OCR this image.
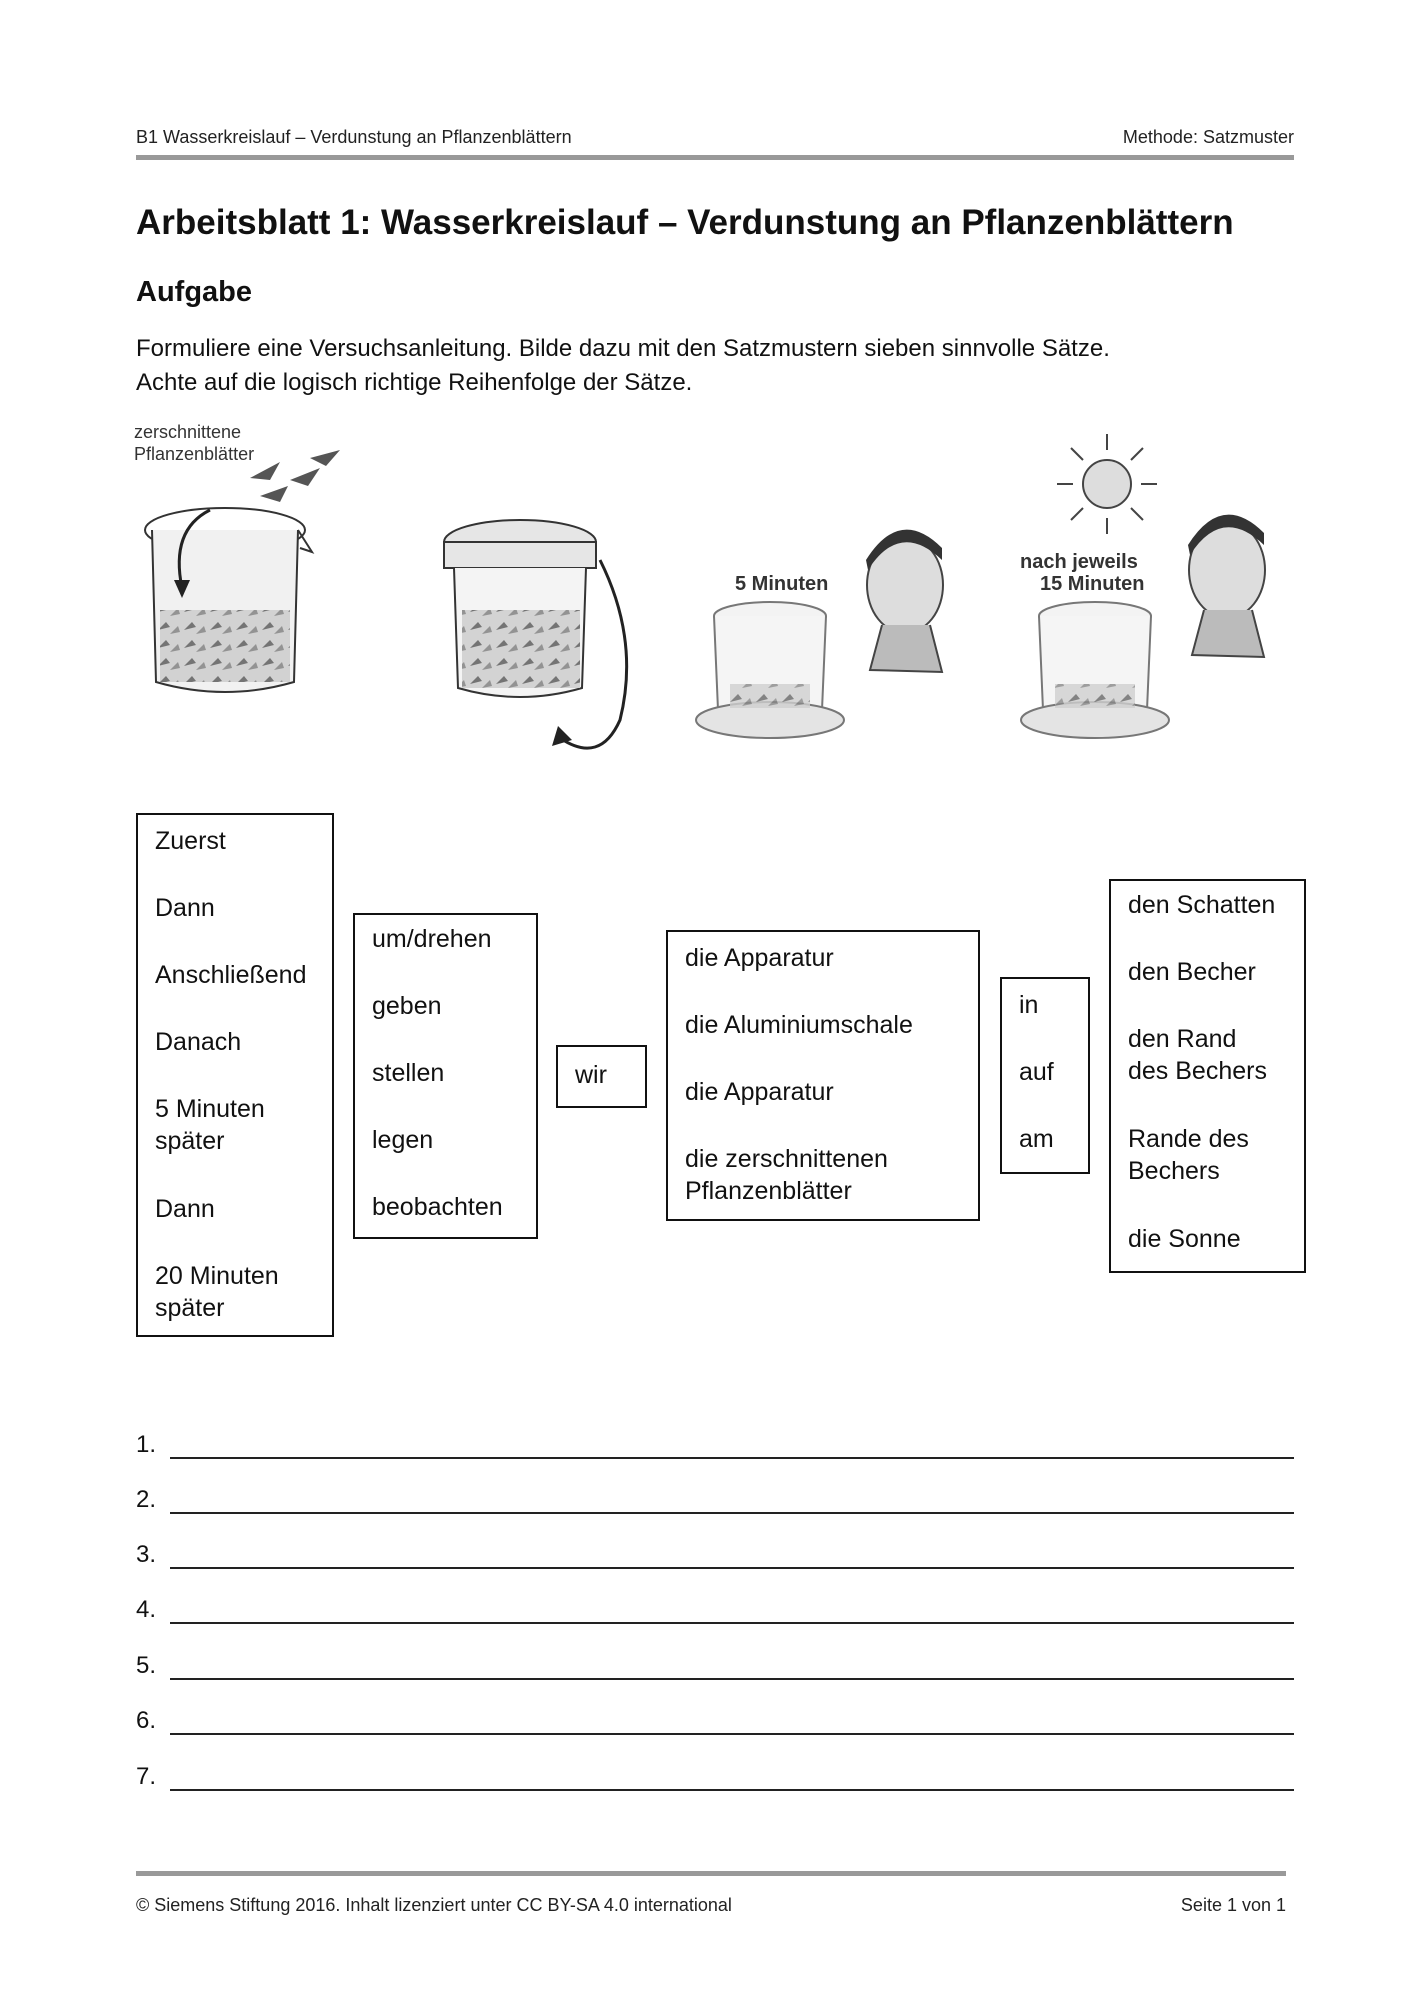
B1 Wasserkreislauf – Verdunstung an Pflanzenblättern	Methode: Satzmuster
Arbeitsblatt 1: Wasserkreislauf – Verdunstung an Pflanzenblättern
Aufgabe
Formuliere eine Versuchsanleitung. Bilde dazu mit den Satzmustern sieben sinnvolle Sätze.
Achte auf die logisch richtige Reihenfolge der Sätze.
zerschnittene Pflanzenblätter
5 Minuten
nach jeweils 15 Minuten
Zuerst
Dann
Anschließend
Danach
5 Minuten
später
Dann
20 Minuten
später
um/drehen
geben
stellen
legen
beobachten
wir
die Apparatur
die Aluminiumschale
die Apparatur
die zerschnittenen
Pflanzenblätter
in
auf
am
den Schatten
den Becher
den Rand
des Bechers
Rande des
Bechers
die Sonne
1.
2.
3.
4.
5.
6.
7.
© Siemens Stiftung 2016. Inhalt lizenziert unter CC BY-SA 4.0 international	Seite 1 von 1
